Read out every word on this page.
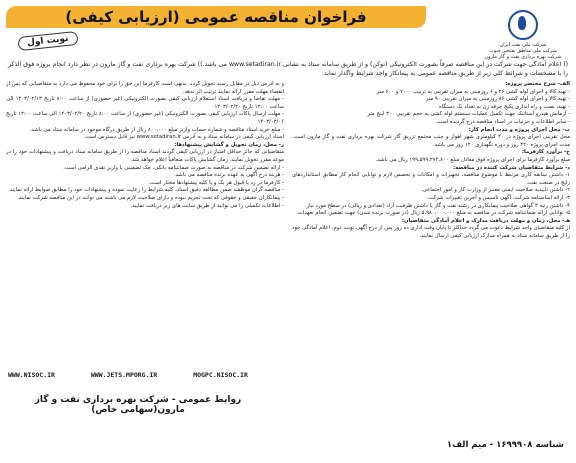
شرکت ملی نفت ایران
شرکت ملی مناطق نفتخیز جنوب
شرکت بهره برداری نفت و گاز مارون
فراخوان مناقصه عمومی (ارزیابی کیفی)
نوبت اول
(( اعلام آمادگی جهت شرکت در این مناقصه صرفاً بصورت الکترونیکی (توکن) و از طریق سامانه ستاد به نشانی www.setadiran.ir می باشد.)) شرکت بهره برداری نفت و گاز مارون در نظر دارد انجام پروژه فوق الذکر را با مشخصات و شرائط کلی زیر از طریق مناقصه عمومی به پیمانکار واجد شرایط واگذار نماید.

الف- شرح مختصر پروژه:

- تهیه کالا و اجرای لوله کشی ۲۶ و ۶ روزمینی به میزان تقریبی به ترتیب ۷۰۰۰ و ۶۰۰ متر

- تهیه کالا و اجرای لوله کشی ۸۶ روزمینی به میزان تقریبی ۹۰ متر

- تهیه، نصب و راه اندازی پکیج جرقه زن به تعداد یک دستگاه

- آزمایش هیدرو استاتیک جهت تکمیل عملیات سیستم لوله کشی به حجم تقریبی ۳۰۰ اینچ متر

- سایر اطلاعات و جزئیات در اسناد مناقصه درج گردیده است.

ب- محل اجرای پروژه و مدت انجام کار:

محل تقریبی اجرای پروژه در ۴۰ کیلومتری شهر اهواز و جنب مجتمع تزریق گاز شرکت بهره برداری نفت و گاز مارون است. مدت اجرای پروژه ۴۲۰ روز و دوره نگهداری ۱۲۰ روز می باشد.

ج- برآورد کارفرما:

مبلغ برآورد کارفرما برای اجرای پروژه فوق معادل مبلغ ۱۹۹،۵۹۹،۲۷۴،۸۰۰ ریال می باشد.

د- شرایط متقاضیان شرکت کننده در مناقصه:

۱- داشتن سابقه کاری مرتبط با موضوع مناقصه، تجهیزات و امکانات و تخصص لازم و توانایی انجام کار مطابق استانداردهای رایج در صنعت نفت.

۲- داشتن تاییدیه صلاحیت ایمنی معتبر از وزارت کار و امور اجتماعی.

۳- ارائه اساسنامه شرکت، آگهی تاسیس و آخرین تغییرات شرکت.

۴- داشتن رتبه ۴ گواهی صلاحیت پیمانکاری در رشته نفت و گاز یا داشتن ظرفیت آزاد (تعدادی و ریالی) در سطح مورد نیاز.

۵- توانایی ارائه ضمانتنامه شرکت در مناقصه به مبلغ ۵،۹۸۰،۰۰۰،۰۰۰ ریال (در صورت برنده شدن) جهت تضمین انجام تعهدات.

هـ- محل، زمان و مهلت دریافت مدارک و اعلام آمادگی متقاضیان:

از کلیه متقاضیان واجد شرایط دعوت می گردد حداکثر تا پایان وقت اداری ده روز پس از درج آگهی نوبت دوم، اعلام آمادگی خود را از طریق سامانه ستاد به همراه مدارک ارزیابی کیفی ارسال نمایند.

و به آدرس ذیل در مقابل رسید تحویل گردد. بدیهی است کارفرما این حق را برای خود محفوظ می دارد به متقاضیانی که پس از انقضاء مهلت مقرر ارائه نمایند ترتیب اثر ندهد.

- مهلت تقاضا و دریافت اسناد استعلام ارزیابی کیفی بصورت الکترونیکی (غیر حضوری) از ساعت ۸:۰۰ تاریخ ۱۴۰۳/۰۲/۱۳ الی ساعت ۱۲:۰۰ تاریخ ۱۴۰۳/۰۲/۲۰

- مهلت ارسال پاکات ارزیابی کیفی بصورت الکترونیکی (غیر حضوری) از ساعت ۸:۰۰ تاریخ ۱۴۰۳/۰۲/۲۰ الی ساعت ۱۲:۰۰ تاریخ ۱۴۰۳/۰۳/۰۶

- مبلغ خرید اسناد مناقصه و شماره حساب واریز مبلغ ۸۰۰،۰۰۰ ریال از طریق درگاه موجود در سامانه ستاد می باشد.

اسناد ارزیابی کیفی در سامانه ستاد و به آدرس www.setadiran.ir نیز قابل دسترس است.

ز- محل، زمان تحویل و گشایش پیشنهادها:

متقاضیانی که حائز حداقل امتیاز در ارزیابی کیفی گردند اسناد مناقصه را از طریق سامانه ستاد دریافت و پیشنهادات خود را در موعد مقرر تحویل نمایند. زمان گشایش پاکات متعاقباً اعلام خواهد شد.

- ارائه تضمین شرکت در مناقصه به صورت ضمانتنامه بانکی، چک تضمینی یا واریز نقدی الزامی است.

- هزینه درج آگهی به عهده برنده مناقصه می باشد.

- کارفرما در رد یا قبول هر یک و یا کلیه پیشنهادها مختار است.

- مناقصه گران موظفند ضمن مطالعه دقیق اسناد، کلیه شرایط را رعایت نموده و پیشنهادات خود را مطابق ضوابط ارائه نمایند.

- پیمانکاران حقیقی و حقوقی که تحت تحریم نبوده و دارای صلاحیت لازم می باشند می توانند در این مناقصه شرکت نمایند.

- اطلاعات تکمیلی را می توانید از طریق سایت های زیر دریافت نمایید.

WWW.NISOC.IR	WWW.JETS.MPORG.IR	MOGPC.NISOC.IR
روابط عمومی - شرکت بهره برداری نفت و گاز مارون(سهامی خاص)
شناسه ۱۶۹۹۹۰۸ - میم الف۱
